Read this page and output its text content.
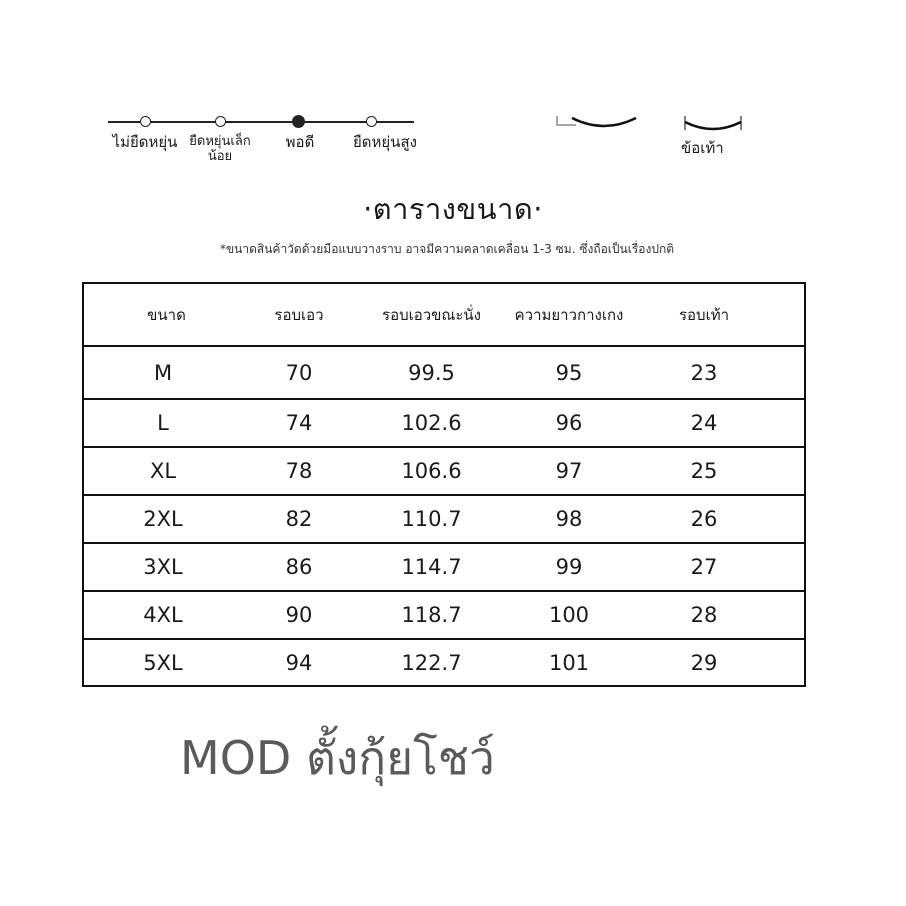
ไม่ยืดหยุ่น ยืดหยุ่นเล็ก
น้อย
พอดี	ยืดหยุ่นสูง	ข้อเท้า
·ตารางขนาด·
*ขนาดสินค้าวัดด้วยมือแบบวางราบ อาจมีความคลาดเคลื่อน 1-3 ซม. ซึ่งถือเป็นเรื่องปกติ
ขนาด	รอบเอว	รอบเอวขณะนั่ง	ความยาวกางเกง	รอบเท้า
M	70	99.5	95	23
L	74	102.6	96	24
XL	78	106.6	97	25
2XL	82	110.7	98	26
3XL	86	114.7	99	27
4XL	90	118.7	100	28
5XL	94	122.7	101	29
MOD ตั้งกุ้ยโชว์
